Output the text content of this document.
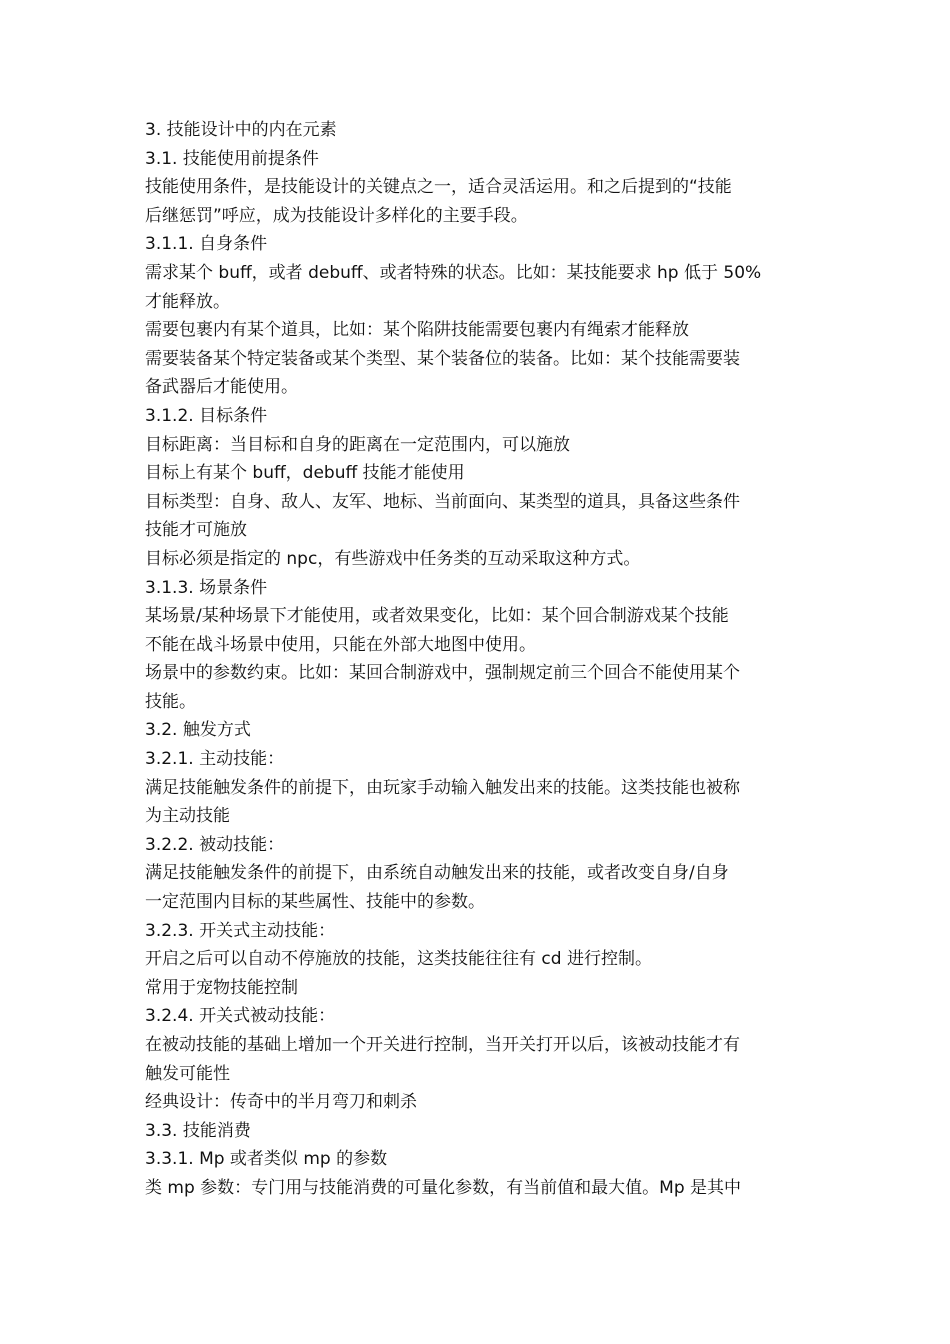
3. 技能设计中的内在元素
3.1. 技能使用前提条件
技能使用条件，是技能设计的关键点之一，适合灵活运用。和之后提到的“技能
后继惩罚”呼应，成为技能设计多样化的主要手段。
3.1.1. 自身条件
需求某个 buff，或者 debuff、或者特殊的状态。比如：某技能要求 hp 低于 50%
才能释放。
需要包裹内有某个道具，比如：某个陷阱技能需要包裹内有绳索才能释放
需要装备某个特定装备或某个类型、某个装备位的装备。比如：某个技能需要装
备武器后才能使用。
3.1.2. 目标条件
目标距离：当目标和自身的距离在一定范围内，可以施放
目标上有某个 buff，debuff 技能才能使用
目标类型：自身、敌人、友军、地标、当前面向、某类型的道具，具备这些条件
技能才可施放
目标必须是指定的 npc，有些游戏中任务类的互动采取这种方式。
3.1.3. 场景条件
某场景/某种场景下才能使用，或者效果变化，比如：某个回合制游戏某个技能
不能在战斗场景中使用，只能在外部大地图中使用。
场景中的参数约束。比如：某回合制游戏中，强制规定前三个回合不能使用某个
技能。
3.2. 触发方式
3.2.1. 主动技能：
满足技能触发条件的前提下，由玩家手动输入触发出来的技能。这类技能也被称
为主动技能
3.2.2. 被动技能：
满足技能触发条件的前提下，由系统自动触发出来的技能，或者改变自身/自身
一定范围内目标的某些属性、技能中的参数。
3.2.3. 开关式主动技能：
开启之后可以自动不停施放的技能，这类技能往往有 cd 进行控制。
常用于宠物技能控制
3.2.4. 开关式被动技能：
在被动技能的基础上增加一个开关进行控制，当开关打开以后，该被动技能才有
触发可能性
经典设计：传奇中的半月弯刀和刺杀
3.3. 技能消费
3.3.1. Mp 或者类似 mp 的参数
类 mp 参数：专门用与技能消费的可量化参数，有当前值和最大值。Mp 是其中
